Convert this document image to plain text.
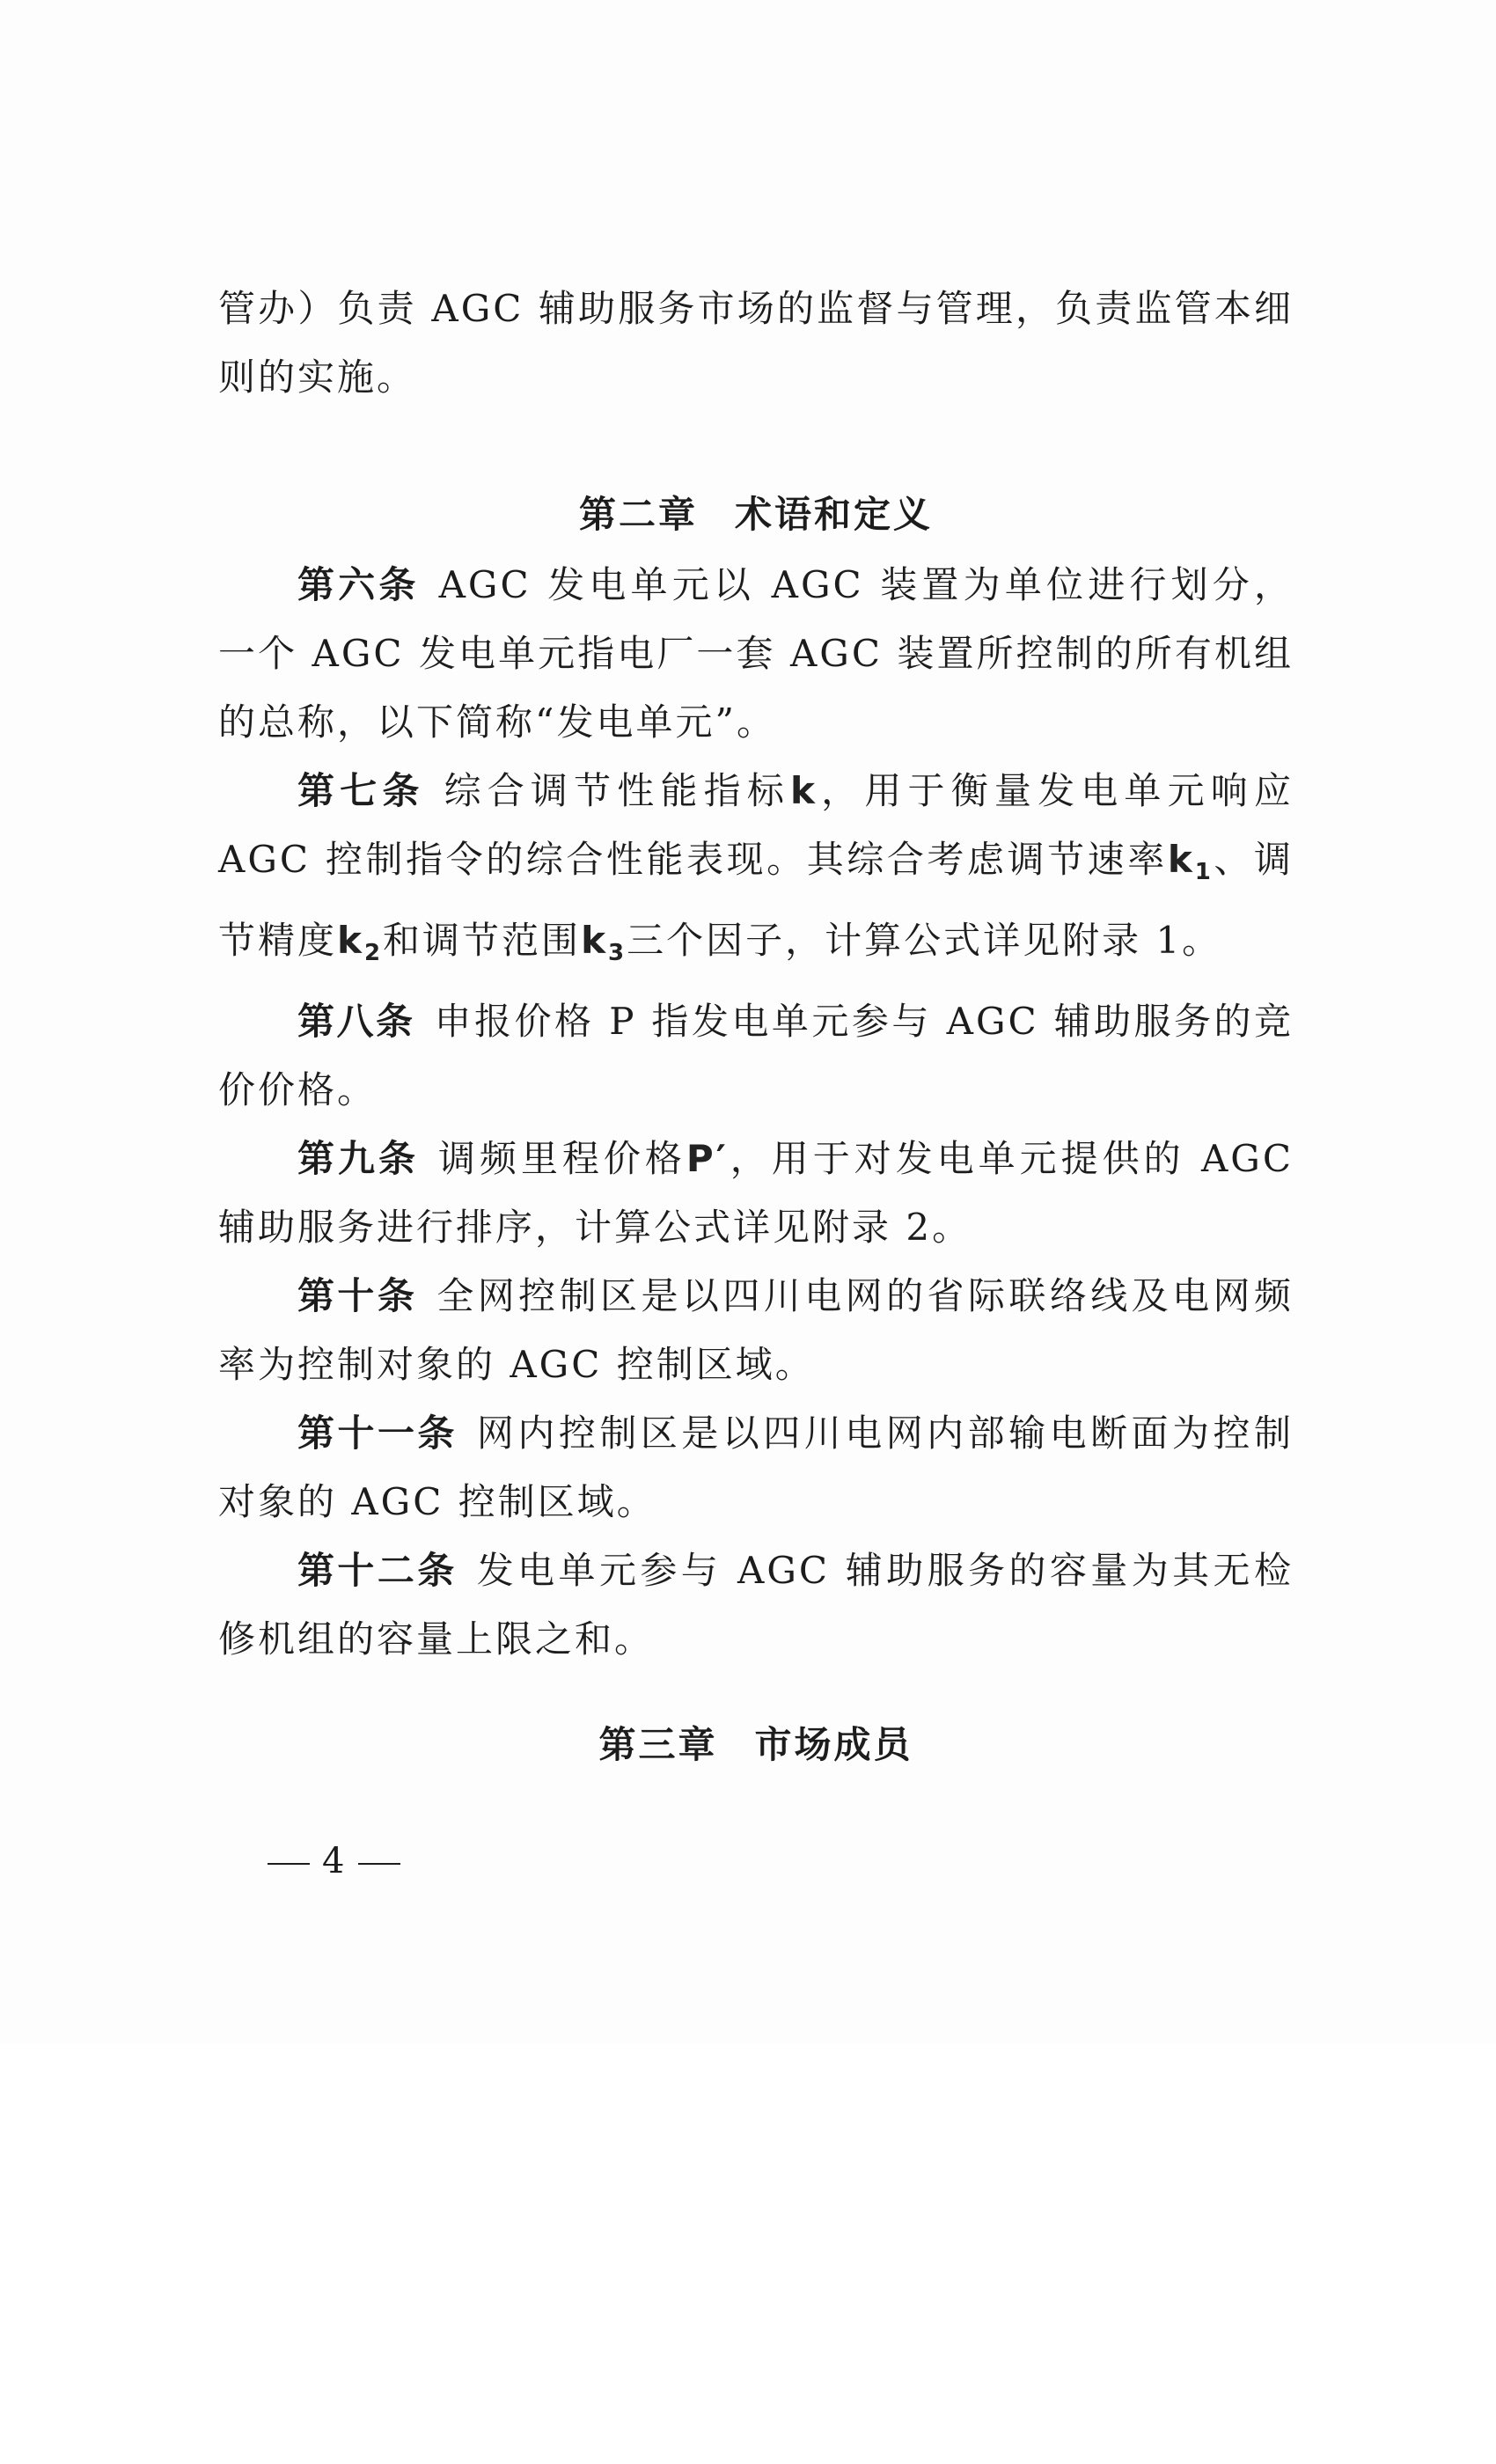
管办）负责 AGC 辅助服务市场的监督与管理，负责监管本细则的实施。

第二章 术语和定义

第六条 AGC 发电单元以 AGC 装置为单位进行划分，一个 AGC 发电单元指电厂一套 AGC 装置所控制的所有机组的总称，以下简称“发电单元”。

第七条 综合调节性能指标k，用于衡量发电单元响应 AGC 控制指令的综合性能表现。其综合考虑调节速率$k_1$、调节精度$k_2$和调节范围$k_3$三个因子，计算公式详见附录 1。

第八条 申报价格 P 指发电单元参与 AGC 辅助服务的竞价价格。

第九条 调频里程价格P′，用于对发电单元提供的 AGC 辅助服务进行排序，计算公式详见附录 2。

第十条 全网控制区是以四川电网的省际联络线及电网频率为控制对象的 AGC 控制区域。

第十一条 网内控制区是以四川电网内部输电断面为控制对象的 AGC 控制区域。

第十二条 发电单元参与 AGC 辅助服务的容量为其无检修机组的容量上限之和。

第三章 市场成员
4
